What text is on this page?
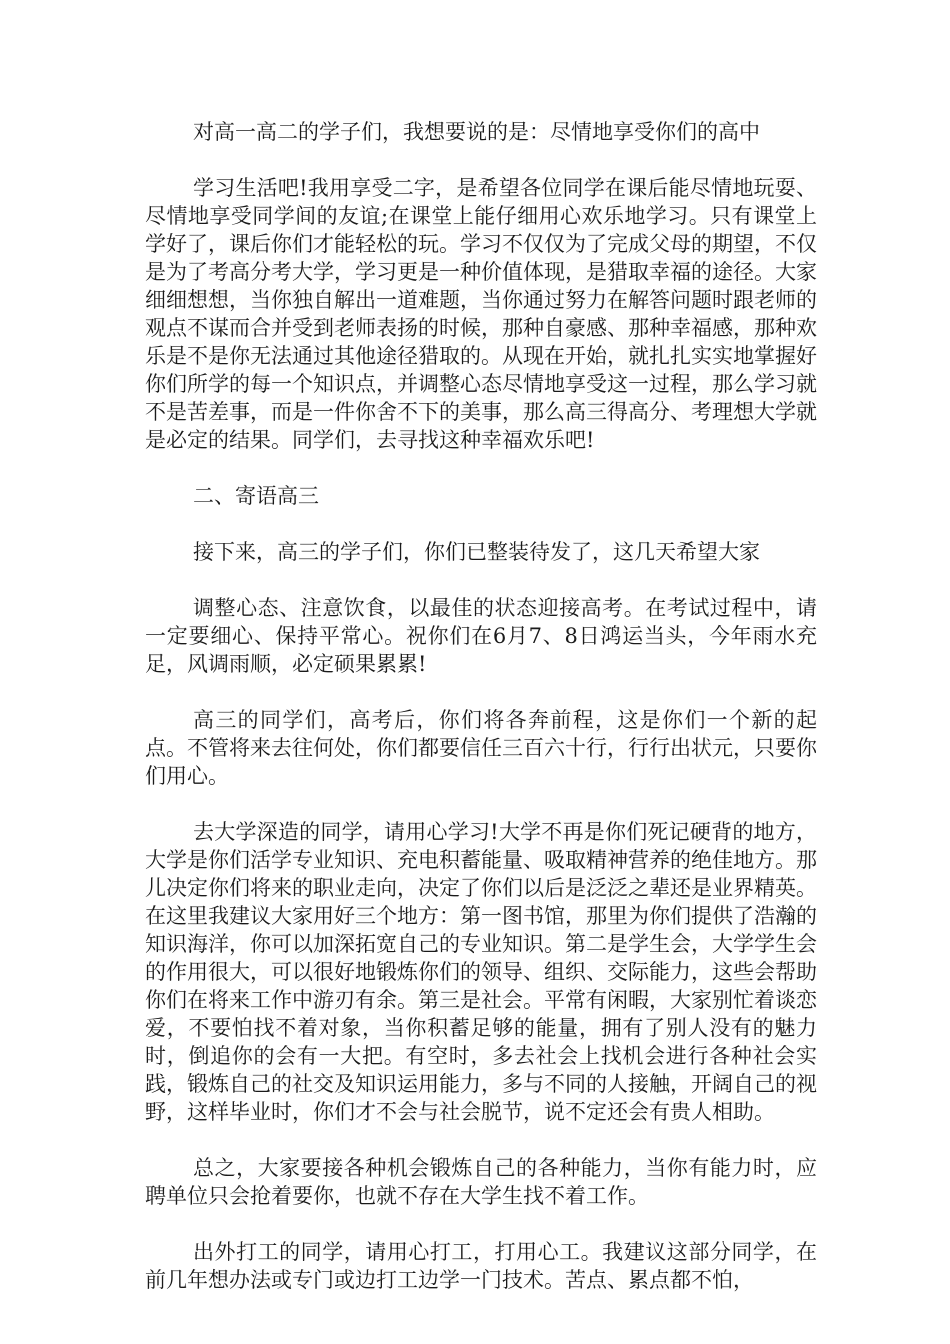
对高一高二的学子们，我想要说的是：尽情地享受你们的高中

学习生活吧!我用享受二字，是希望各位同学在课后能尽情地玩耍、尽情地享受同学间的友谊;在课堂上能仔细用心欢乐地学习。只有课堂上学好了，课后你们才能轻松的玩。学习不仅仅为了完成父母的期望，不仅是为了考高分考大学，学习更是一种价值体现，是猎取幸福的途径。大家细细想想，当你独自解出一道难题，当你通过努力在解答问题时跟老师的观点不谋而合并受到老师表扬的时候，那种自豪感、那种幸福感，那种欢乐是不是你无法通过其他途径猎取的。从现在开始，就扎扎实实地掌握好你们所学的每一个知识点，并调整心态尽情地享受这一过程，那么学习就不是苦差事，而是一件你舍不下的美事，那么高三得高分、考理想大学就是必定的结果。同学们，去寻找这种幸福欢乐吧!

二、寄语高三

接下来，高三的学子们，你们已整装待发了，这几天希望大家

调整心态、注意饮食，以最佳的状态迎接高考。在考试过程中，请一定要细心、保持平常心。祝你们在6月7、8日鸿运当头，今年雨水充足，风调雨顺，必定硕果累累!

高三的同学们，高考后，你们将各奔前程，这是你们一个新的起点。不管将来去往何处，你们都要信任三百六十行，行行出状元，只要你们用心。

去大学深造的同学，请用心学习!大学不再是你们死记硬背的地方，大学是你们活学专业知识、充电积蓄能量、吸取精神营养的绝佳地方。那儿决定你们将来的职业走向，决定了你们以后是泛泛之辈还是业界精英。在这里我建议大家用好三个地方：第一图书馆，那里为你们提供了浩瀚的知识海洋，你可以加深拓宽自己的专业知识。第二是学生会，大学学生会的作用很大，可以很好地锻炼你们的领导、组织、交际能力，这些会帮助你们在将来工作中游刃有余。第三是社会。平常有闲暇，大家别忙着谈恋爱，不要怕找不着对象，当你积蓄足够的能量，拥有了别人没有的魅力时，倒追你的会有一大把。有空时，多去社会上找机会进行各种社会实践，锻炼自己的社交及知识运用能力，多与不同的人接触，开阔自己的视野，这样毕业时，你们才不会与社会脱节，说不定还会有贵人相助。

总之，大家要接各种机会锻炼自己的各种能力，当你有能力时，应聘单位只会抢着要你，也就不存在大学生找不着工作。

出外打工的同学，请用心打工，打用心工。我建议这部分同学，在前几年想办法或专门或边打工边学一门技术。苦点、累点都不怕，
